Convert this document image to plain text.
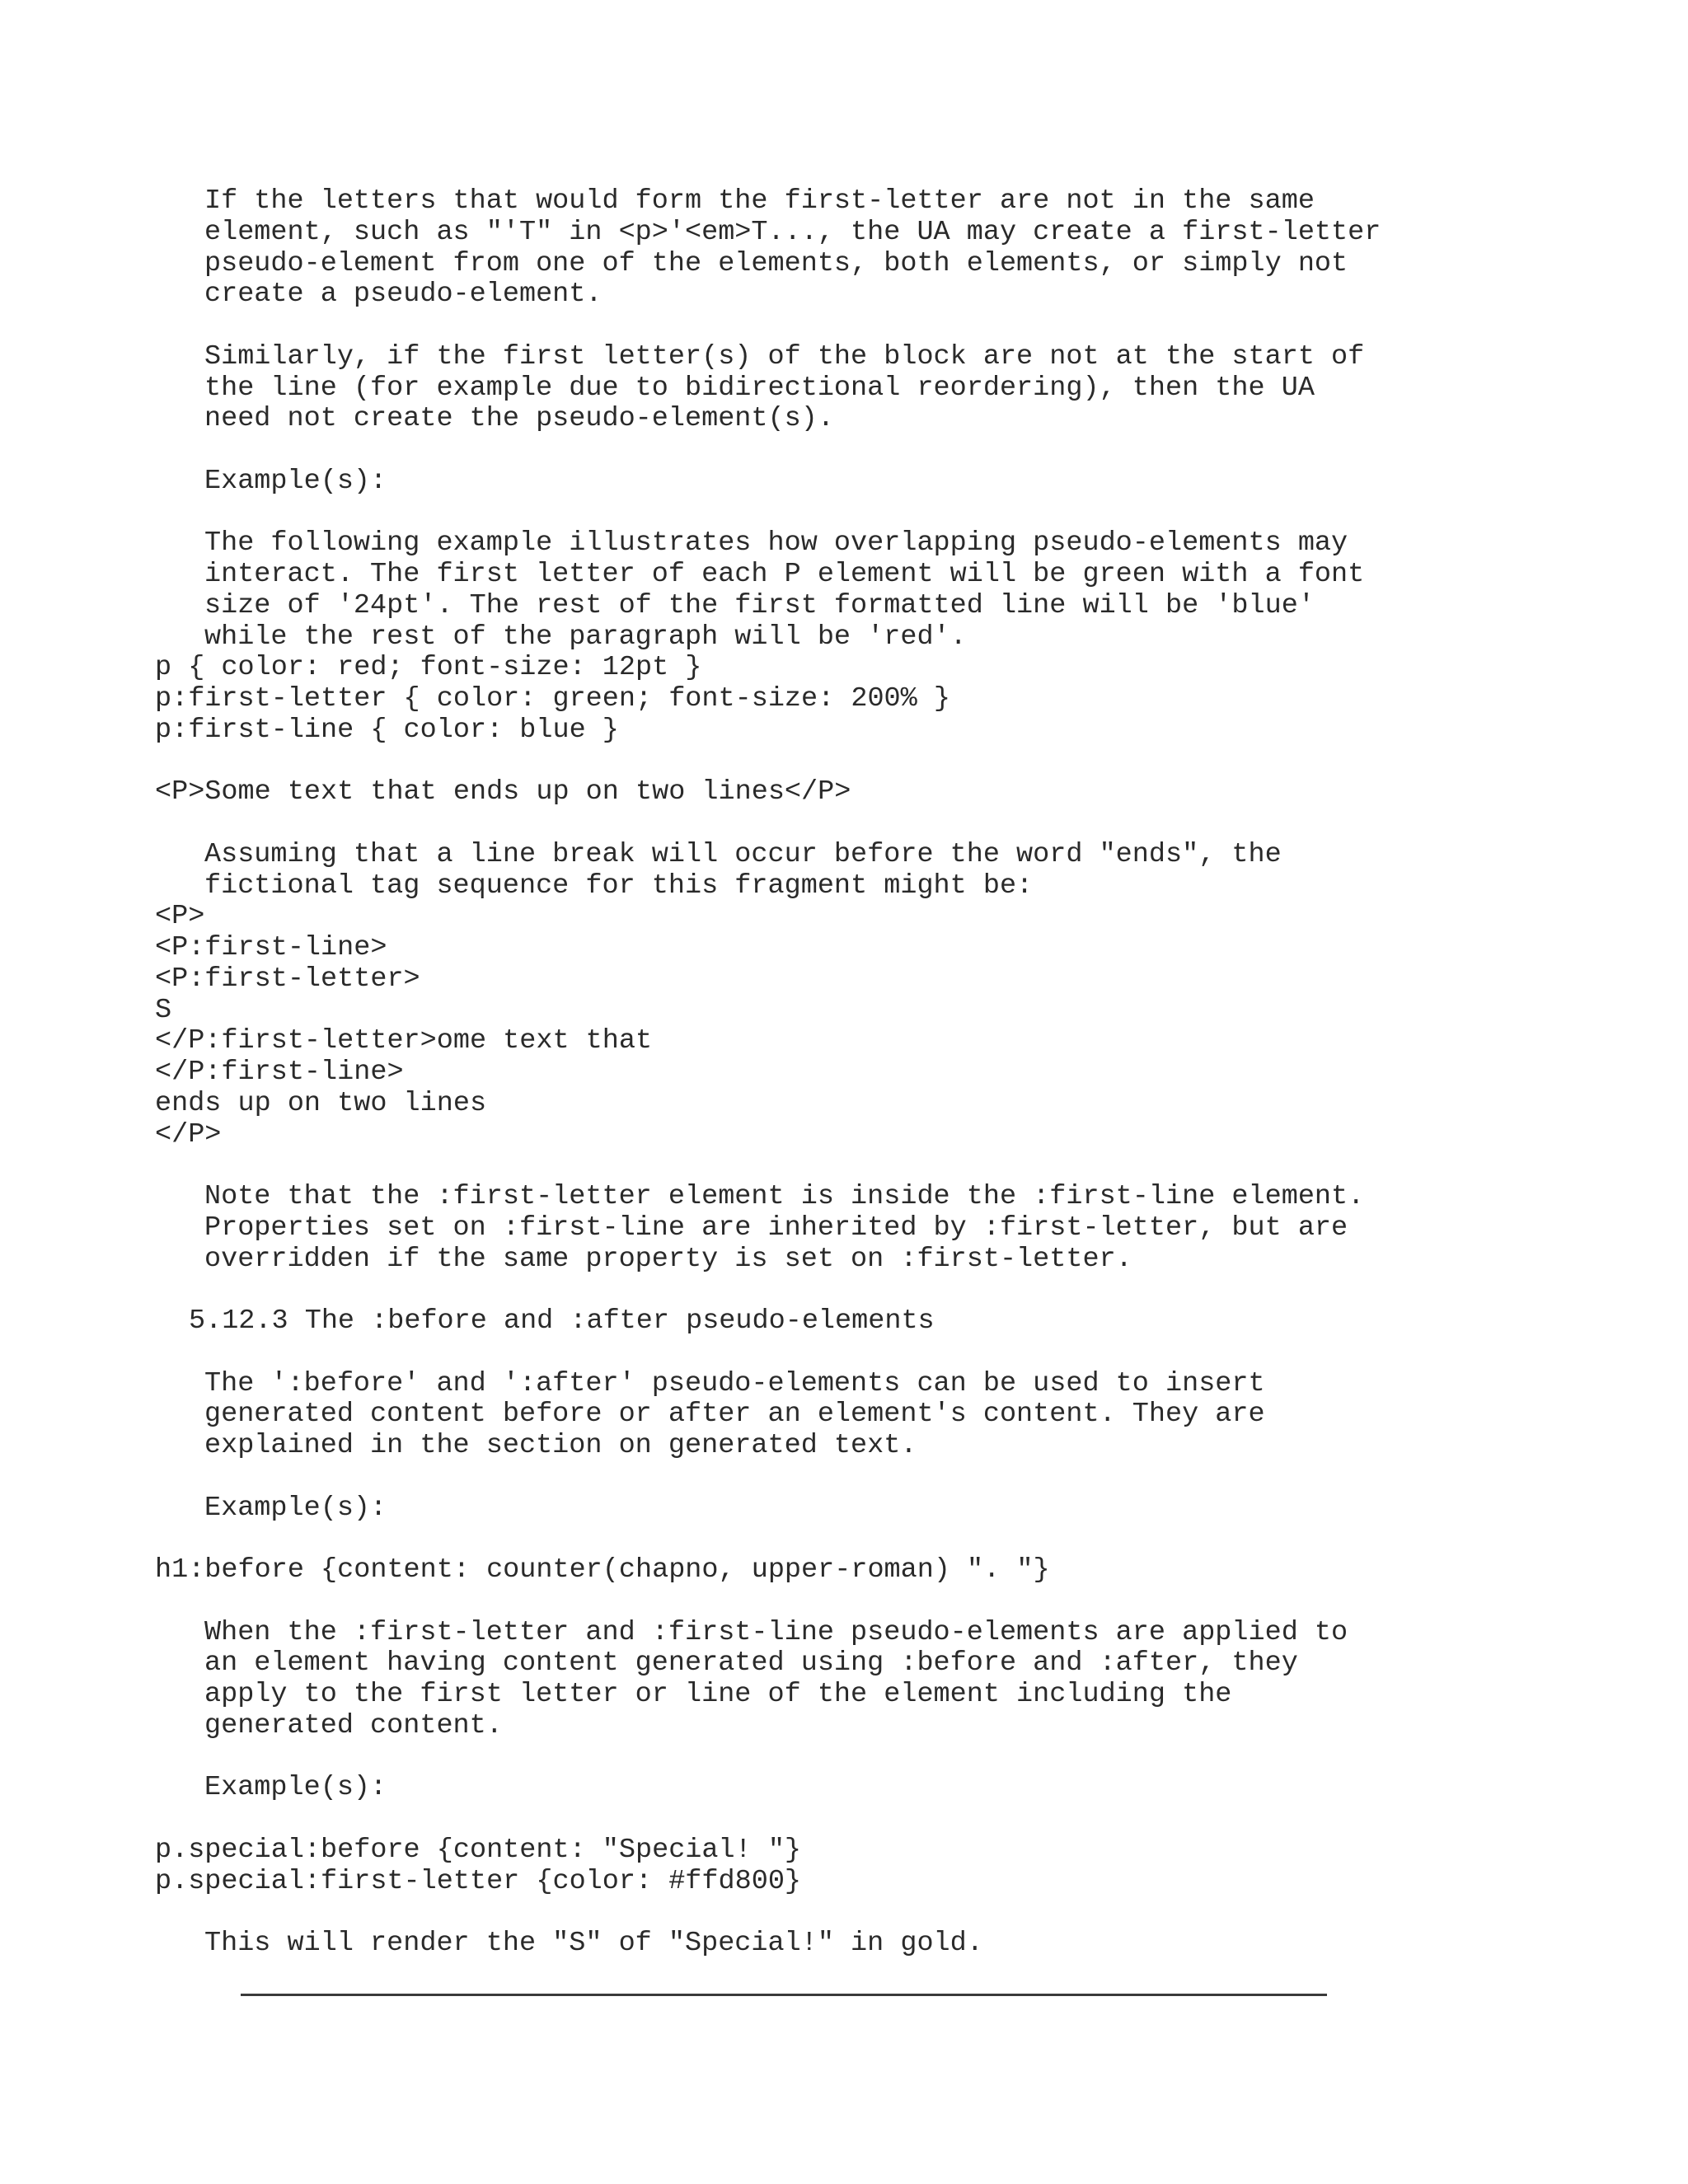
If the letters that would form the first-letter are not in the same
element, such as "'T" in <p>'<em>T..., the UA may create a first-letter
pseudo-element from one of the elements, both elements, or simply not
create a pseudo-element.
Similarly, if the first letter(s) of the block are not at the start of
the line (for example due to bidirectional reordering), then the UA
need not create the pseudo-element(s).
Example(s):
The following example illustrates how overlapping pseudo-elements may
interact. The first letter of each P element will be green with a font
size of '24pt'. The rest of the first formatted line will be 'blue'
while the rest of the paragraph will be 'red'.
p { color: red; font-size: 12pt }
p:first-letter { color: green; font-size: 200% }
p:first-line { color: blue }
<P>Some text that ends up on two lines</P>
Assuming that a line break will occur before the word "ends", the
fictional tag sequence for this fragment might be:
<P>
<P:first-line>
<P:first-letter>
S
</P:first-letter>ome text that
</P:first-line>
ends up on two lines
</P>
Note that the :first-letter element is inside the :first-line element.
Properties set on :first-line are inherited by :first-letter, but are
overridden if the same property is set on :first-letter.
5.12.3 The :before and :after pseudo-elements
The ':before' and ':after' pseudo-elements can be used to insert
generated content before or after an element's content. They are
explained in the section on generated text.
Example(s):
h1:before {content: counter(chapno, upper-roman) ". "}
When the :first-letter and :first-line pseudo-elements are applied to
an element having content generated using :before and :after, they
apply to the first letter or line of the element including the
generated content.
Example(s):
p.special:before {content: "Special! "}
p.special:first-letter {color: #ffd800}
This will render the "S" of "Special!" in gold.
